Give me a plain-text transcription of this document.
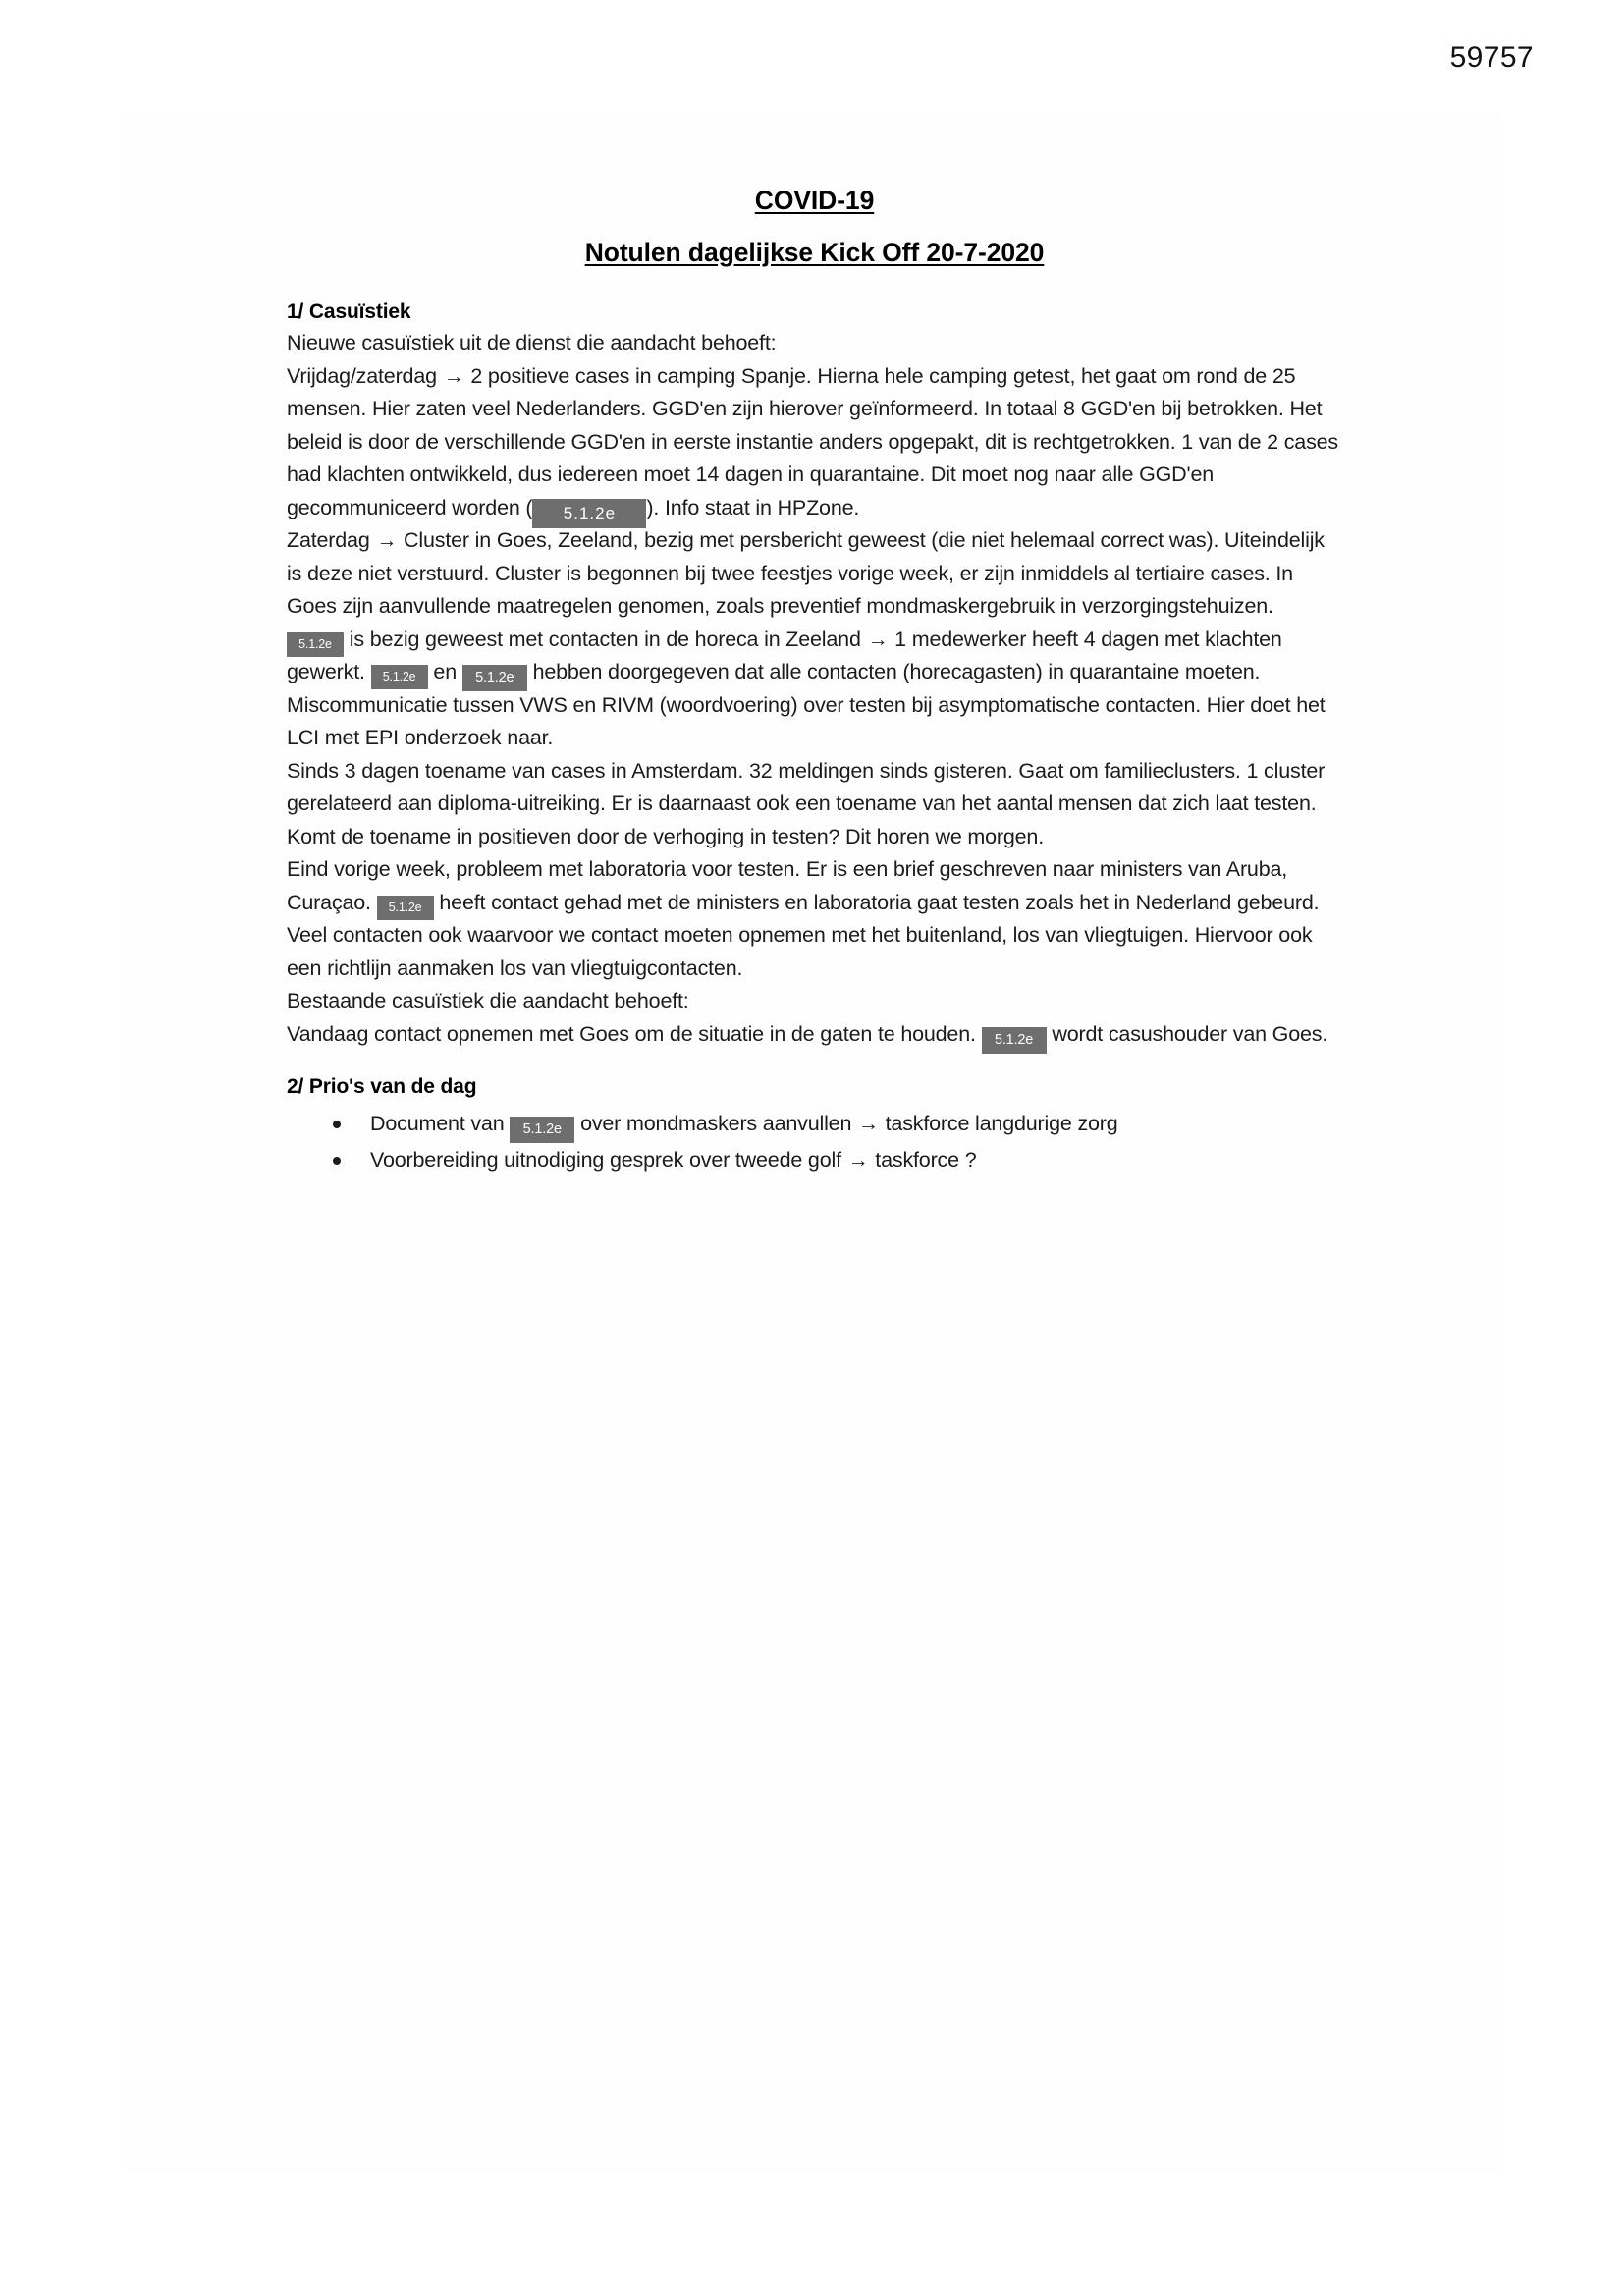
59757
COVID-19
Notulen dagelijkse Kick Off 20-7-2020
1/ Casuïstiek

Nieuwe casuïstiek uit de dienst die aandacht behoeft:

Vrijdag/zaterdag → 2 positieve cases in camping Spanje. Hierna hele camping getest, het gaat om rond de 25 mensen. Hier zaten veel Nederlanders. GGD'en zijn hierover geïnformeerd. In totaal 8 GGD'en bij betrokken. Het beleid is door de verschillende GGD'en in eerste instantie anders opgepakt, dit is rechtgetrokken. 1 van de 2 cases had klachten ontwikkeld, dus iedereen moet 14 dagen in quarantaine. Dit moet nog naar alle GGD'en gecommuniceerd worden ( 5.1.2e ). Info staat in HPZone.

Zaterdag → Cluster in Goes, Zeeland, bezig met persbericht geweest (die niet helemaal correct was). Uiteindelijk is deze niet verstuurd. Cluster is begonnen bij twee feestjes vorige week, er zijn inmiddels al tertiaire cases. In Goes zijn aanvullende maatregelen genomen, zoals preventief mondmaskergebruik in verzorgingstehuizen.

5.1.2e is bezig geweest met contacten in de horeca in Zeeland → 1 medewerker heeft 4 dagen met klachten gewerkt. 5.1.2e en 5.1.2e hebben doorgegeven dat alle contacten (horecagasten) in quarantaine moeten.

Miscommunicatie tussen VWS en RIVM (woordvoering) over testen bij asymptomatische contacten. Hier doet het LCI met EPI onderzoek naar.

Sinds 3 dagen toename van cases in Amsterdam. 32 meldingen sinds gisteren. Gaat om familieclusters. 1 cluster gerelateerd aan diploma-uitreiking. Er is daarnaast ook een toename van het aantal mensen dat zich laat testen. Komt de toename in positieven door de verhoging in testen? Dit horen we morgen.

Eind vorige week, probleem met laboratoria voor testen. Er is een brief geschreven naar ministers van Aruba, Curaçao. 5.1.2e heeft contact gehad met de ministers en laboratoria gaat testen zoals het in Nederland gebeurd.

Veel contacten ook waarvoor we contact moeten opnemen met het buitenland, los van vliegtuigen. Hiervoor ook een richtlijn aanmaken los van vliegtuigcontacten.

Bestaande casuïstiek die aandacht behoeft:

Vandaag contact opnemen met Goes om de situatie in de gaten te houden. 5.1.2e wordt casushouder van Goes.

2/ Prio's van de dag
Document van 5.1.2e over mondmaskers aanvullen → taskforce langdurige zorg
Voorbereiding uitnodiging gesprek over tweede golf → taskforce ?
